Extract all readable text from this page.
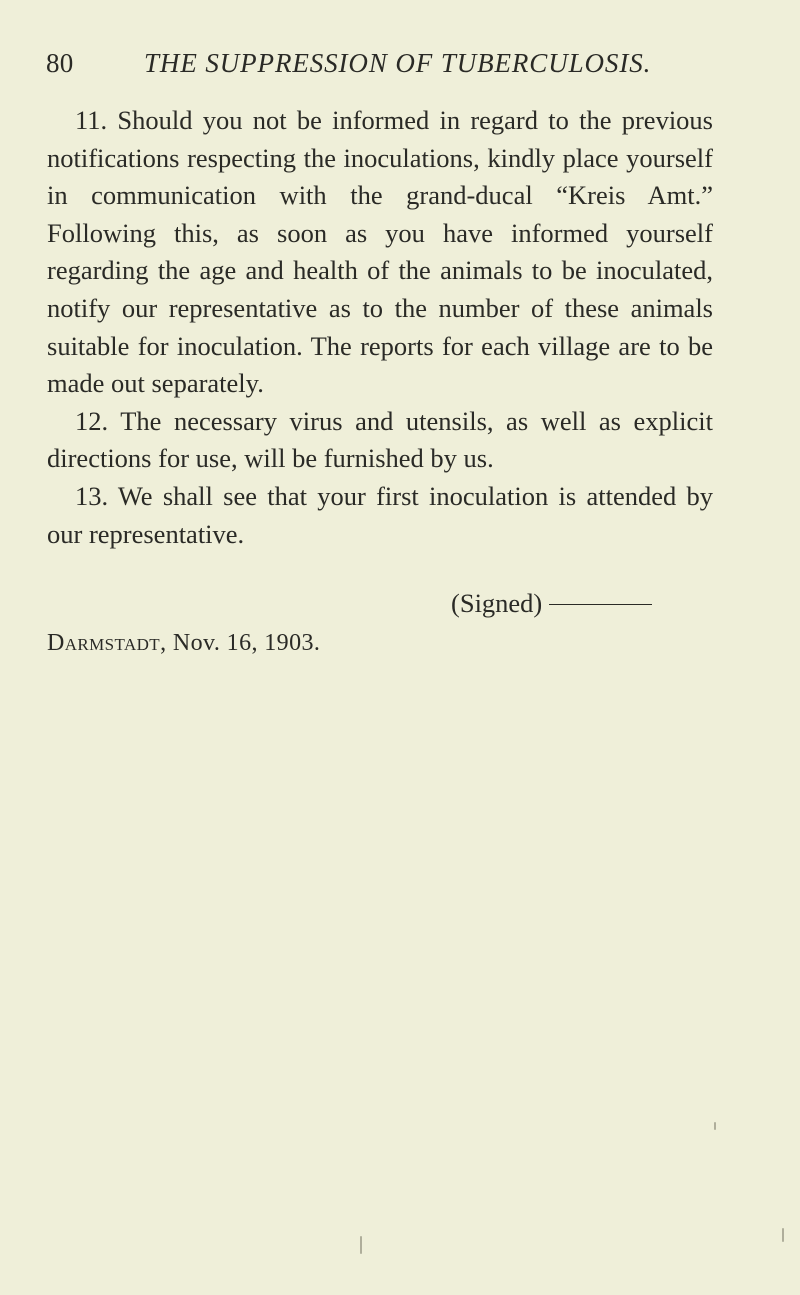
80	THE SUPPRESSION OF TUBERCULOSIS.

11. Should you not be informed in regard to the previous notifications respecting the inoculations, kindly place yourself in communication with the grand-ducal “Kreis Amt.” Following this, as soon as you have informed yourself regarding the age and health of the animals to be inoculated, notify our representative as to the number of these animals suitable for inoculation. The reports for each village are to be made out separately.

12. The necessary virus and utensils, as well as explicit directions for use, will be furnished by us.

13. We shall see that your first inoculation is attended by our representative.

(Signed)
Darmstadt, Nov. 16, 1903.
